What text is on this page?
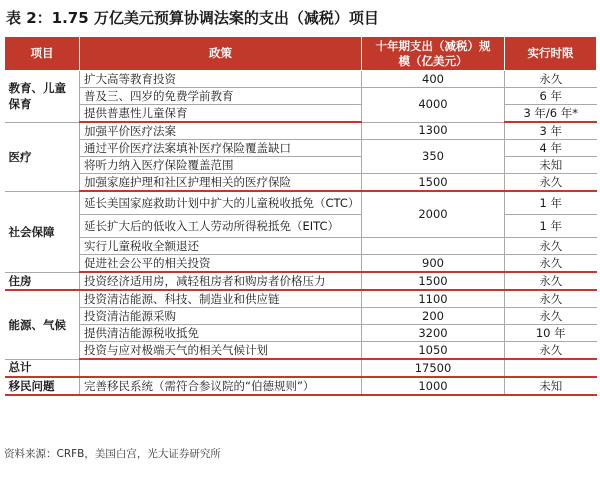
表 2：1.75 万亿美元预算协调法案的支出（减税）项目
项目	政策	十年期支出（减税）规模（亿美元）	实行时限
教育、儿童保育	扩大高等教育投资	400	永久
	普及三、四岁的免费学前教育	4000	6 年
	提供普惠性儿童保育		3 年/6 年*
医疗	加强平价医疗法案	1300	3 年
	通过平价医疗法案填补医疗保险覆盖缺口	350	4 年
	将听力纳入医疗保险覆盖范围		未知
	加强家庭护理和社区护理相关的医疗保险	1500	永久
社会保障	延长美国家庭救助计划中扩大的儿童税收抵免（CTC）	2000	1 年
	延长扩大后的低收入工人劳动所得税抵免（EITC）		1 年
	实行儿童税收全额退还		永久
	促进社会公平的相关投资	900	永久
住房	投资经济适用房，减轻租房者和购房者价格压力	1500	永久
能源、气候	投资清洁能源、科技、制造业和供应链	1100	永久
	投资清洁能源采购	200	永久
	提供清洁能源税收抵免	3200	10 年
	投资与应对极端天气的相关气候计划	1050	永久
总计		17500	
移民问题	完善移民系统（需符合参议院的“伯德规则”）	1000	未知
资料来源：CRFB，美国白宫，光大证券研究所
